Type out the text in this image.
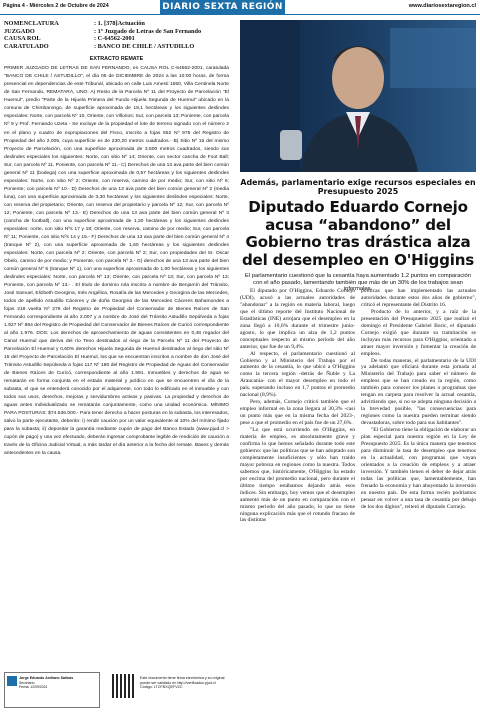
Página 4 - Miércoles 2 de Octubre de 2024	DIARIO SEXTA REGIÓN	www.diariosextaregion.cl
NOMENCLATURA	: 1. [378]Actuación
JUZGADO	: 1º Juzgado de Letras de San Fernando
CAUSA ROL	: C-64562-2001
CARATULADO	: BANCO DE CHILE / ASTUDILLO
EXTRACTO REMATE

PRIMER JUZGADO DE LETRAS DE SAN FERNANDO, en CAUSA ROL C-64562-2001, caratulada "BANCO DE CHILE / ASTUDILLO", el día 05 de DICIEMBRE de 2024 a las 10:00 horas, de forma presencial en dependencias de este Tribunal, ubicado en calle Luis Amesti 1550, Villa Centinela Norte de San Fernando, REMATARÁ, UNO: A) Resto de la Parcela Nº 11 del Proyecto de Parcelación "El Huemul", predio "Parte de la Hijuela Primera del Fundo Hijuela Segunda de Huemul" ubicado en la comuna de Chimbarongo, de superficie aproximada de 19,1 hectáreas y los siguientes deslindes especiales: Norte, con parcela Nº 10, Oriente, con Villorios; Sur, con parcela 13; Poniente, con parcela Nº 9 y Prof. Fernando Uzeta - Se excluye de la propiedad el lote de terreno signado con el número 2 en el plano y cuadro de expropiaciones del Fisco, inscrito a fojas 552 Nº 975 del Registro de Propiedad del año 2.005, cuya superficie es de 230,20 metros cuadrados.- B) Sitio Nº 15 del mismo Proyecto de Parcelación, con una superficie aproximada de 3.500 metros cuadrados, siendo sus deslindes especiales los siguientes: Norte, con sitio Nº 14; Oriente, con sector cancha de Foot Ball; Sur, con parcela Nº 11, Poniente, con parcela Nº 11.- C) Derechos de una 13 ava parte del bien común general Nº 11 (bodega) con una superficie aproximada de 0,57 hectáreas y los siguientes deslindes especiales: Norte, con sitio Nº 2; Oriente, con reserva, camino de por medio; Sur, con sitio Nº 6; Poniente; con parcela Nº 10.- D) Derechos de una 13 ava parte del bien común general Nº 2 (media luna), con una superficie aproximada de 3,30 hectáreas y los siguientes deslindes especiales: Norte, con reserva del propietario; Oriente, con reserva del propietario y parcela Nº 12; Sur, con parcela Nº 12; Poniente, con parcela Nº 13.- E) Derechos de una 13 ava parte del bien común general Nº 3 (cancha de football), con una superficie aproximada de 1,20 hectáreas y los siguientes deslindes especiales: norte, con sitio Nºs 17 y 18; Oriente, con reserva, camino de por medio; Sur, con parcela Nº 11; Poniente, con sitio Nºs 14 y 15.- F) Derechos de una 13 ava parte del bien común general Nº 4 (tranque Nº 2), con una superficie aproximada de 1,60 hectáreas y los siguientes deslindes especiales: Norte, con parcela Nº 2; Oriente, con parcela Nº 2; Sur, con propiedades del Sr. Oscar Obelo, camino de por medio; y Poniente, con parcela Nº 2.- G) derechos de una 13 ava parte del bien común general Nº 5 (tranque Nº 1), con una superficie aproximada de 1,00 hectáreas y los siguientes deslindes especiales: Norte, con parcela Nº 13; Oriente, con parcela Nº 13; Sur, con parcela Nº 13; Poniente, con parcela Nº 13.- . El título de dominio rola inscrito a nombre de Benjamín del Tránsito, José Samuel, Elizbeth Georgina, Inés Angélica, Rosalía de las Mercedes y Georgina de las Mercedes, todos de apellido Astudillo Cáceres y de doña Georgina de las Mercedes Cáceres Bahamondes a fojas 218 vuelta Nº 276 del Registro de Propiedad del Conservador de Bienes Raíces de San Fernando correspondiente al año 2.007 y a nombre de José del Tránsito Astudillo Sepúlveda a fojas 1.927 Nº 884 del Registro de Propiedad del Conservador de Bienes Raíces de Curicó correspondiente al año 1.976. DOS: Los derechos de aprovechamiento de aguas consistentes en 0,48 regador del Canal Huemul que deriva del río Teno destinados al riego de la Parcela Nº 11 del Proyecto de Parcelación El Huemul y 0,60% derechos Hijuela Segunda de Huemul destinados al riego del sitio Nº 15 del Proyecto de Parcelación El Huemul, los que se encuentran inscritos a nombre de don José del Tránsito Astudillo Sepúlveda a fojas 117 Nº 180 del Registro de Propiedad de Aguas del Conservador de Bienes Raíces de Curicó, correspondiente al año 1.991. Inmuebles y derechos de agua se rematarán en forma conjunta en el estado material y jurídico en que se encuentren el día de la subasta, el que se entenderá conocido por el adquirente, con todo lo edificado en el inmueble y con todos sus usos, derechos, mejoras y servidumbres activas y pasivas. La propiedad y derechos de aguas antes individualizado se rematarán conjuntamente, como una unidad económica. MÍNIMO PARA POSTURAS: $74.536.000.- Para tener derecho a hacer posturas en la subasta, los interesados, salvo la parte ejecutante, deberán: i) rendir caución por un valor equivalente al 10% del mínimo fijado para la subasta; ii) depositar la garantía mediante cupón de pago del Banco Estado (www.pjud.cl > cupón de pago) y una vez efectuado, deberán ingresar comprobante legible de rendición de caución a través de la Oficina Judicial Virtual, a más tardar el día anterior a la fecha del remate. Bases y demás antecedentes en la causa.

Jorge Eduardo Arellano Salinas
Secretario
Fecha: 12/09/2024
Este documento tiene firma electrónica y su original puede ser validado en http://verificadoc.pjud.cl Código: LTCFBXQEFVZC

Además, parlamentario exige recursos especiales en Presupuesto 2025

Diputado Eduardo Cornejo acusa “abandono” del Gobierno tras drástica alza del desempleo en O'Higgins

El parlamentario cuestionó que la cesantía haya aumentado 1,2 puntos en comparación con el año pasado, lamentando también que más de un 30% de los trabajos sean informales.

El diputado por O'Higgins, Eduardo Cornejo (UDI), acusó a las actuales autoridades de "abandonar" a la región en materia laboral, luego que el último reporte del Instituto Nacional de Estadísticas (INE) arrojara que el desempleo en la zona llegó a 10,6% durante el trimestre junio-agosto, lo que implica un alza de 1,2 puntos conceptuales respecto al mismo período del año anterior, que fue de un 9,4%.

Al respecto, el parlamentario cuestionó al Gobierno y al Ministerio del Trabajo por el aumento de la cesantía, lo que ubicó a O'Higgins como la tercera región -detrás de Ñuble y La Araucanía- con el mayor desempleo en todo el país, superando incluso en 1,7 puntos el promedio nacional (8,9%).

Pero, además, Cornejo criticó también que el empleo informal en la zona llegara al 30,3% -casi un punto más que en la misma fecha del 2023-, pese a que el promedio en el país fue de un 27,6%.

"Lo que está ocurriendo en O'Higgins, en materia de empleo, es absolutamente grave y confirma lo que hemos señalado durante todo este gobierno: que las políticas que se han adoptado son completamente insuficientes y sólo han traído mayor pobreza en regiones como la nuestra. Todos sabemos que, históricamente, O'Higgins ha estado por encima del promedio nacional, pero durante el último tiempo estábamos dejando atrás esos índices. Sin embargo, hoy vemos que el desempleo aumentó más de un punto en comparación con el mismo periodo del año pasado, lo que no tiene ninguna explicación más que el rotundo fracaso de las distintas

políticas que han implementado las actuales autoridades durante estos dos años de gobierno", criticó el representante del Distrito 16.

Producto de lo anterior, y a raíz de la presentación del Presupuesto 2025 que realizó el domingo el Presidente Gabriel Boric, el diputado Cornejo exigió que durante su tramitación se incluyan más recursos para O'Higgins, orientado a atraer mayor inversión y fomentar la creación de empleos.

De todas maneras, el parlamentario de la UDI ya adelantó que oficiará durante esta jornada al Ministerio del Trabajo para saber el número de empleos que se han creado en la región, como también para conocer los planes o programas que tengan en carpeta para resolver la actual cesantía, advirtiendo que, si no se adopta ninguna decisión a la brevedad posible, "las consecuencias para regiones como la nuestra pueden terminar siendo devastadoras, sobre todo para sus habitantes".

"El Gobierno tiene la obligación de elaborar un plan especial para nuestra región en la Ley de Presupuesto 2025. Es la única manera que tenemos para disminuir la tasa de desempleo que tenemos en la actualidad, con programas que vayan orientados a la creación de empleos y a atraer inversión. Y también tienen el deber de dejar atrás todas las políticas que, lamentablemente, han frenado la economía y han ahuyentado la inversión en nuestro país. De esta forma recién podríamos pensar en volver a una tasa de cesantía por debajo de los dos dígitos", reiteró el diputado Cornejo.
